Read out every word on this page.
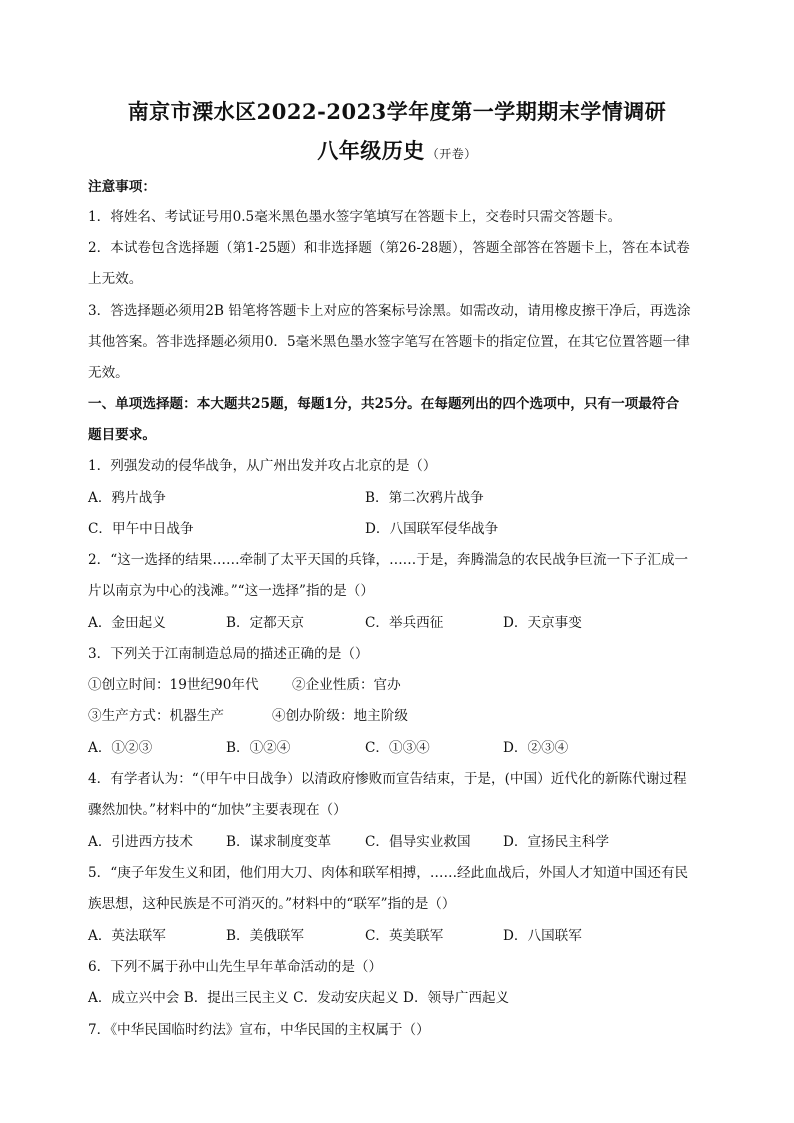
南京市溧水区2022-2023学年度第一学期期末学情调研
八年级历史 （开卷）
注意事项：
1．将姓名、考试证号用0.5毫米黑色墨水签字笔填写在答题卡上，交卷时只需交答题卡。
2．本试卷包含选择题（第1-25题）和非选择题（第26-28题），答题全部答在答题卡上，答在本试卷
上无效。
3．答选择题必须用2B 铅笔将答题卡上对应的答案标号涂黑。如需改动，请用橡皮擦干净后，再选涂
其他答案。答非选择题必须用0．5毫米黑色墨水签字笔写在答题卡的指定位置，在其它位置答题一律
无效。
一、单项选择题：本大题共25题，每题1分，共25分。在每题列出的四个选项中，只有一项最符合
题目要求。
1．列强发动的侵华战争，从广州出发并攻占北京的是（）
A．鸦片战争	B．第二次鸦片战争
C．甲午中日战争	D．八国联军侵华战争
2．“这一选择的结果……牵制了太平天国的兵锋，……于是，奔腾湍急的农民战争巨流一下子汇成一
片以南京为中心的浅滩。”“这一选择”指的是（）
A．金田起义	B．定都天京	C．举兵西征	D．天京事变
3．下列关于江南制造总局的描述正确的是（）
①创立时间：19世纪90年代 ②企业性质：官办
③生产方式：机器生产	④创办阶级：地主阶级
A．①②③	B．①②④	C．①③④	D．②③④
4．有学者认为：“（甲午中日战争）以清政府惨败而宣告结束，于是，(中国）近代化的新陈代谢过程
骤然加快。”材料中的“加快”主要表现在（）
A．引进西方技术 B．谋求制度变革 C．倡导实业救国 D．宣扬民主科学
5．“庚子年发生义和团，他们用大刀、肉体和联军相搏，……经此血战后，外国人才知道中国还有民
族思想，这种民族是不可消灭的。”材料中的“联军”指的是（）
A．英法联军	B．美俄联军	C．英美联军	D．八国联军
6．下列不属于孙中山先生早年革命活动的是（）
A．成立兴中会 B．提出三民主义 C．发动安庆起义 D．领导广西起义
7．《中华民国临时约法》宣布，中华民国的主权属于（）
